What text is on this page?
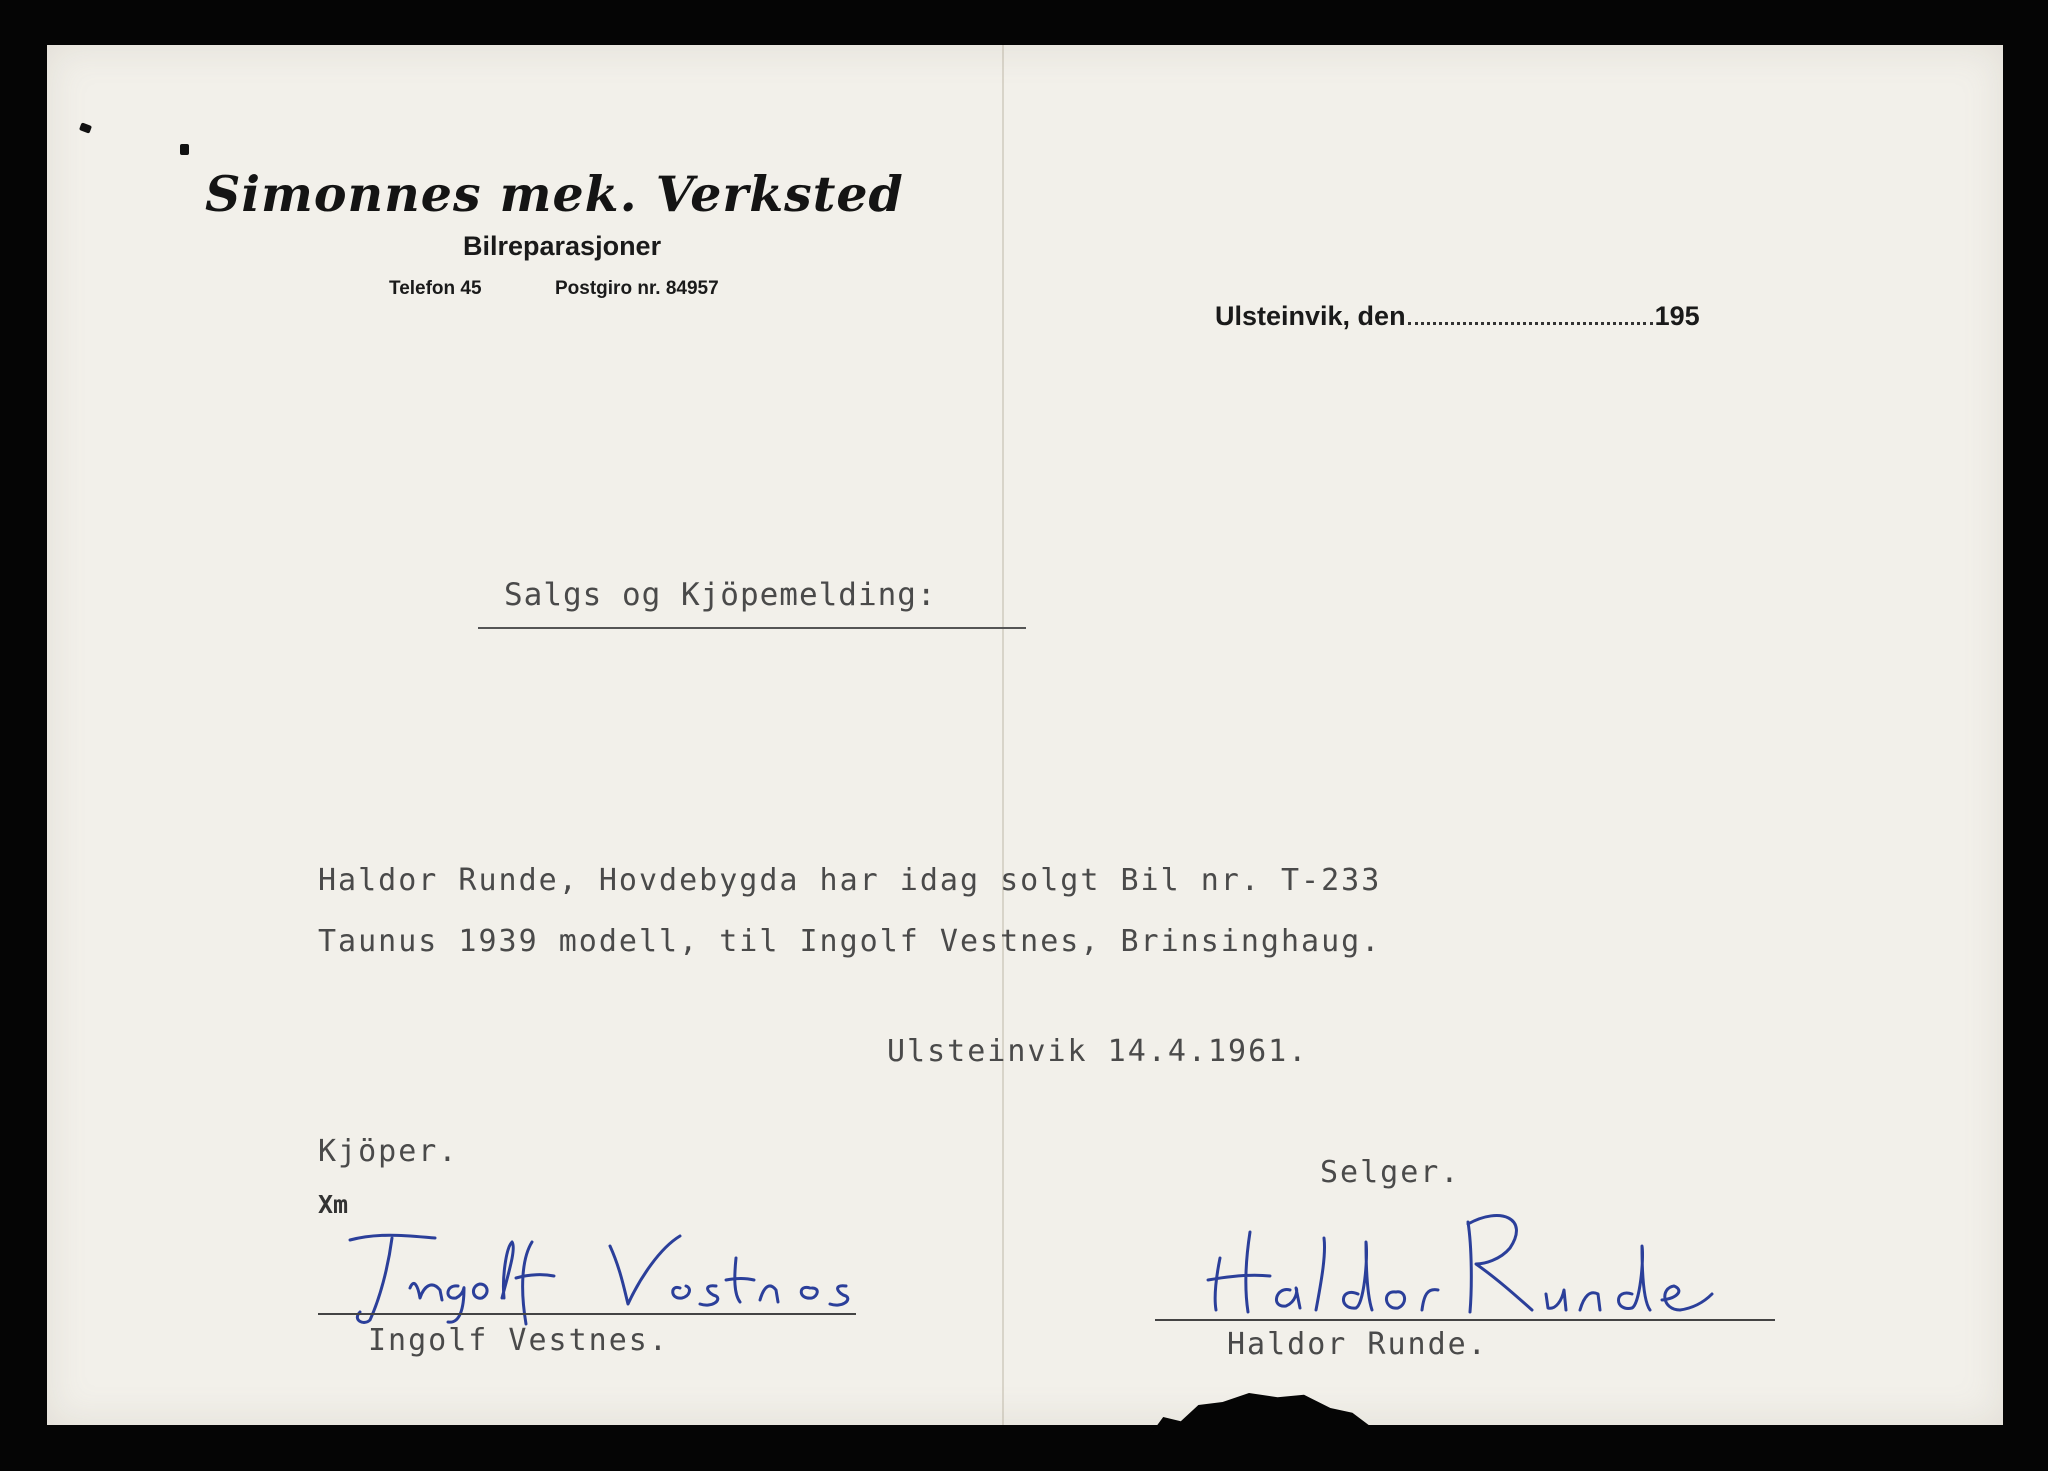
Simonnes mek. Verksted
Bilreparasjoner
Telefon 45	Postgiro nr. 84957
Ulsteinvik, den	195
Salgs og Kjöpemelding:
Haldor Runde, Hovdebygda har idag solgt Bil nr. T-233
Taunus 1939 modell, til Ingolf Vestnes, Brinsinghaug.
Ulsteinvik 14.4.1961.
Kjöper.
Xm
Selger.
Ingolf Vestnes.	Haldor Runde.
